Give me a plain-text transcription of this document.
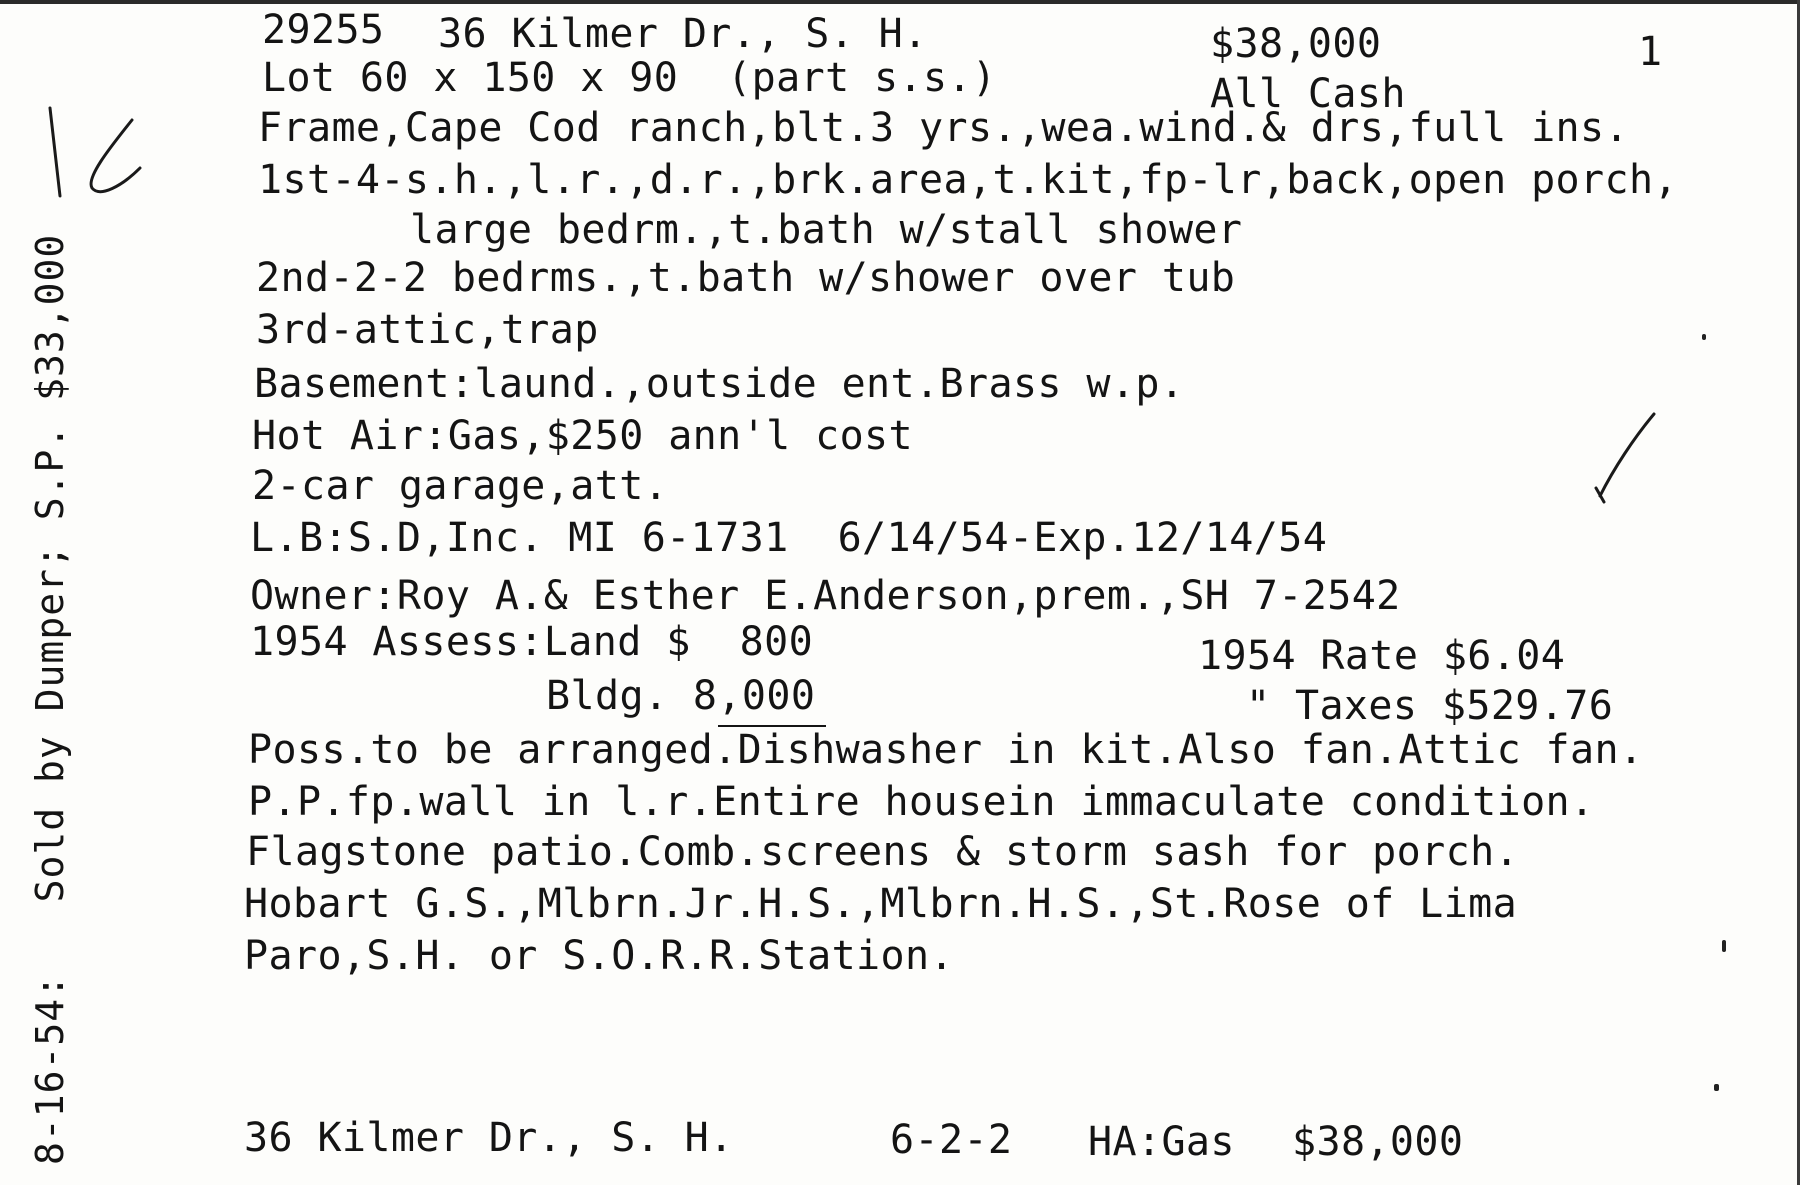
29255 36 Kilmer Dr., S. H.	$38,000	1
Lot 60 x 150 x 90  (part s.s.)	All Cash
Frame,Cape Cod ranch,blt.3 yrs.,wea.wind.& drs,full ins.
1st-4-s.h.,l.r.,d.r.,brk.area,t.kit,fp-lr,back,open porch,
large bedrm.,t.bath w/stall shower
2nd-2-2 bedrms.,t.bath w/shower over tub
3rd-attic,trap
Basement:laund.,outside ent.Brass w.p.
Hot Air:Gas,$250 ann'l cost
2-car garage,att.
L.B:S.D,Inc. MI 6-1731  6/14/54-Exp.12/14/54
Owner:Roy A.& Esther E.Anderson,prem.,SH 7-2542
1954 Assess:Land $  800	1954 Rate $6.04
Bldg. 8,000	" Taxes $529.76
Poss.to be arranged.Dishwasher in kit.Also fan.Attic fan.
P.P.fp.wall in l.r.Entire housein immaculate condition.
Flagstone patio.Comb.screens & storm sash for porch.
Hobart G.S.,Mlbrn.Jr.H.S.,Mlbrn.H.S.,St.Rose of Lima
Paro,S.H. or S.O.R.R.Station.
36 Kilmer Dr., S. H.	6-2-2 HA:Gas $38,000
8-16-54:   Sold by Dumper; S.P. $33,000
